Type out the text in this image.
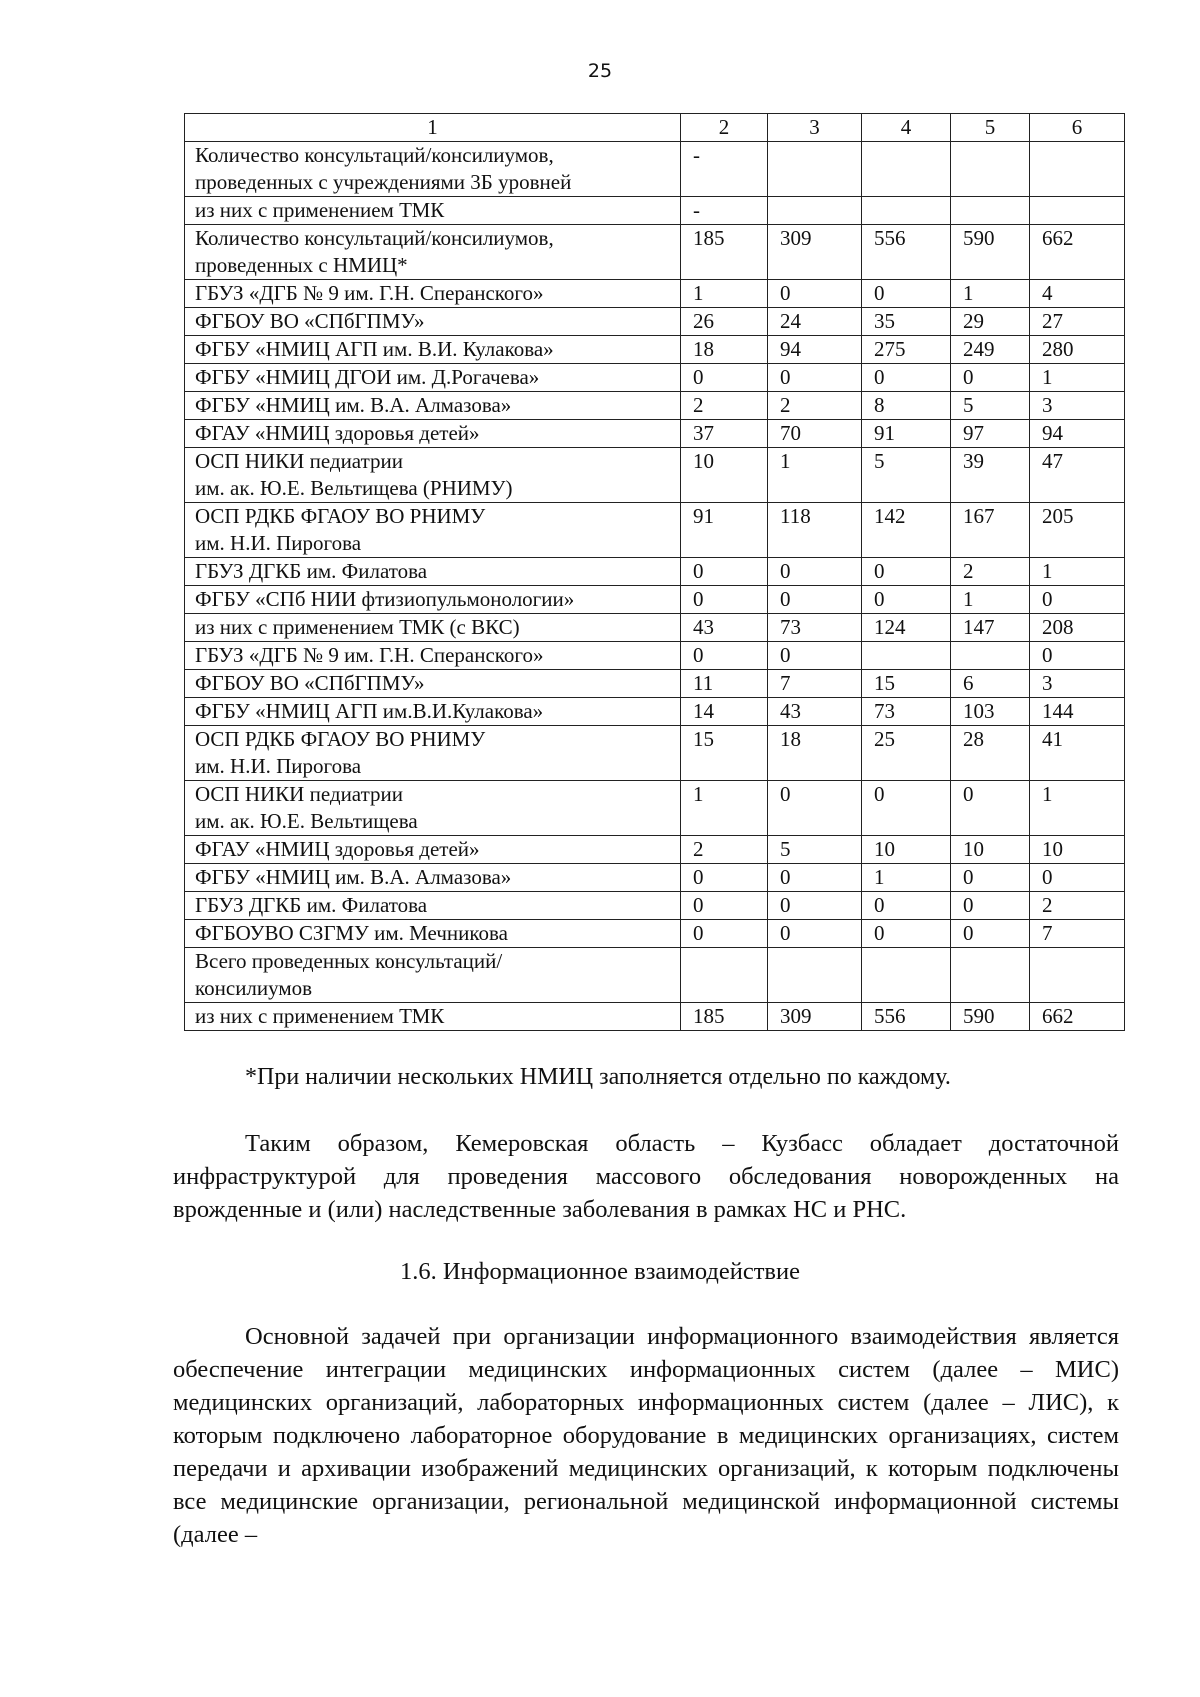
25
1	2	3	4	5	6

Количество консультаций/консилиумов,
проведенных с учреждениями 3Б уровней	-				

из них с применением ТМК	-				

Количество консультаций/консилиумов,
проведенных с НМИЦ*	185	309	556	590	662

ГБУЗ «ДГБ № 9 им. Г.Н. Сперанского»	1	0	0	1	4

ФГБОУ ВО «СПбГПМУ»	26	24	35	29	27

ФГБУ «НМИЦ АГП им. В.И. Кулакова»	18	94	275	249	280

ФГБУ «НМИЦ ДГОИ им. Д.Рогачева»	0	0	0	0	1

ФГБУ «НМИЦ им. В.А. Алмазова»	2	2	8	5	3

ФГАУ «НМИЦ здоровья детей»	37	70	91	97	94

ОСП НИКИ педиатрии
им. ак. Ю.Е. Вельтищева (РНИМУ)	10	1	5	39	47

ОСП РДКБ ФГАОУ ВО РНИМУ
им. Н.И. Пирогова	91	118	142	167	205

ГБУЗ ДГКБ им. Филатова	0	0	0	2	1

ФГБУ «СПб НИИ фтизиопульмонологии»	0	0	0	1	0

из них с применением ТМК (с ВКС)	43	73	124	147	208

ГБУЗ «ДГБ № 9 им. Г.Н. Сперанского»	0	0			0

ФГБОУ ВО «СПбГПМУ»	11	7	15	6	3

ФГБУ «НМИЦ АГП им.В.И.Кулакова»	14	43	73	103	144

ОСП РДКБ ФГАОУ ВО РНИМУ
им. Н.И. Пирогова	15	18	25	28	41

ОСП НИКИ педиатрии
им. ак. Ю.Е. Вельтищева	1	0	0	0	1

ФГАУ «НМИЦ здоровья детей»	2	5	10	10	10

ФГБУ «НМИЦ им. В.А. Алмазова»	0	0	1	0	0

ГБУЗ ДГКБ им. Филатова	0	0	0	0	2

ФГБОУВО СЗГМУ им. Мечникова	0	0	0	0	7

Всего проведенных консультаций/
консилиумов					

из них с применением ТМК	185	309	556	590	662
*При наличии нескольких НМИЦ заполняется отдельно по каждому.

Таким образом, Кемеровская область – Кузбасс обладает достаточной инфраструктурой для проведения массового обследования новорожденных на врожденные и (или) наследственные заболевания в рамках НС и РНС.

1.6. Информационное взаимодействие

Основной задачей при организации информационного взаимодействия является обеспечение интеграции медицинских информационных систем (далее – МИС) медицинских организаций, лабораторных информационных систем (далее – ЛИС), к которым подключено лабораторное оборудование в медицинских организациях, систем передачи и архивации изображений медицинских организаций, к которым подключены все медицинские организации, региональной медицинской информационной системы (далее –
